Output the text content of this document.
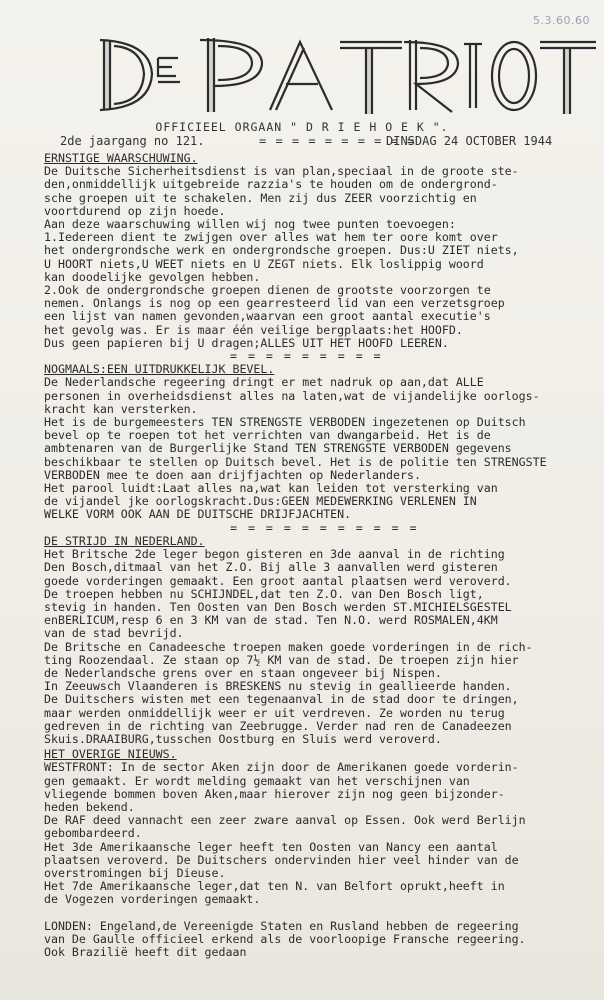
5.3.60.60
OFFICIEEL ORGAAN " D R I E H O E K ".
2de jaargang no 121.	= = = = = = = = = =
DINSDAG 24 OCTOBER 1944
ERNSTIGE WAARSCHUWING.
De Duitsche Sicherheitsdienst is van plan,speciaal in de groote ste-
den,onmiddellijk uitgebreide razzia's te houden om de ondergrond-
sche groepen uit te schakelen. Men zij dus ZEER voorzichtig en
voortdurend op zijn hoede.
Aan deze waarschuwing willen wij nog twee punten toevoegen:
1.Iedereen dient te zwijgen over alles wat hem ter oore komt over
het ondergrondsche werk en ondergrondsche groepen. Dus:U ZIET niets,
U HOORT niets,U WEET niets en U ZEGT niets. Elk loslippig woord
kan doodelijke gevolgen hebben.
2.Ook de ondergrondsche groepen dienen de grootste voorzorgen te
nemen. Onlangs is nog op een gearresteerd lid van een verzetsgroep
een lijst van namen gevonden,waarvan een groot aantal executie's
het gevolg was. Er is maar één veilige bergplaats:het HOOFD.
Dus geen papieren bij U dragen;ALLES UIT HET HOOFD LEEREN.
= = = = = = = = =
NOGMAALS:EEN UITDRUKKELIJK BEVEL.
De Nederlandsche regeering dringt er met nadruk op aan,dat ALLE
personen in overheidsdienst alles na laten,wat de vijandelijke oorlogs-
kracht kan versterken.
Het is de burgemeesters TEN STRENGSTE VERBODEN ingezetenen op Duitsch
bevel op te roepen tot het verrichten van dwangarbeid. Het is de
ambtenaren van de Burgerlijke Stand TEN STRENGSTE VERBODEN gegevens
beschikbaar te stellen op Duitsch bevel. Het is de politie ten STRENGSTE
VERBODEN mee te doen aan drijfjachten op Nederlanders.
Het parool luidt:Laat alles na,wat kan leiden tot versterking van
de vijandel jke oorlogskracht.Dus:GEEN MEDEWERKING VERLENEN IN
WELKE VORM OOK AAN DE DUITSCHE DRIJFJACHTEN.
= = = = = = = = = = =
DE STRIJD IN NEDERLAND.
Het Britsche 2de leger begon gisteren en 3de aanval in de richting
Den Bosch,ditmaal van het Z.O. Bij alle 3 aanvallen werd gisteren
goede vorderingen gemaakt. Een groot aantal plaatsen werd veroverd.
De troepen hebben nu SCHIJNDEL,dat ten Z.O. van Den Bosch ligt,
stevig in handen. Ten Oosten van Den Bosch werden ST.MICHIELSGESTEL
enBERLICUM,resp 6 en 3 KM van de stad. Ten N.O. werd ROSMALEN,4KM
van de stad bevrijd.
De Britsche en Canadeesche troepen maken goede vorderingen in de rich-
ting Roozendaal. Ze staan op 7½ KM van de stad. De troepen zijn hier
de Nederlandsche grens over en staan ongeveer bij Nispen.
In Zeeuwsch Vlaanderen is BRESKENS nu stevig in geallieerde handen.
De Duitschers wisten met een tegenaanval in de stad door te dringen,
maar werden onmiddellijk weer er uit verdreven. Ze worden nu terug
gedreven in de richting van Zeebrugge. Verder nad ren de Canadeezen
Skuis.DRAAIBURG,tusschen Oostburg en Sluis werd veroverd.
HET OVERIGE NIEUWS.
WESTFRONT: In de sector Aken zijn door de Amerikanen goede vorderin-
gen gemaakt. Er wordt melding gemaakt van het verschijnen van
vliegende bommen boven Aken,maar hierover zijn nog geen bijzonder-
heden bekend.
De RAF deed vannacht een zeer zware aanval op Essen. Ook werd Berlijn
gebombardeerd.
Het 3de Amerikaansche leger heeft ten Oosten van Nancy een aantal
plaatsen veroverd. De Duitschers ondervinden hier veel hinder van de
overstromingen bij Dieuse.
Het 7de Amerikaansche leger,dat ten N. van Belfort oprukt,heeft in
de Vogezen vorderingen gemaakt.

LONDEN: Engeland,de Vereenigde Staten en Rusland hebben de regeering
van De Gaulle officieel erkend als de voorloopige Fransche regeering.
Ook Brazilië heeft dit gedaan
